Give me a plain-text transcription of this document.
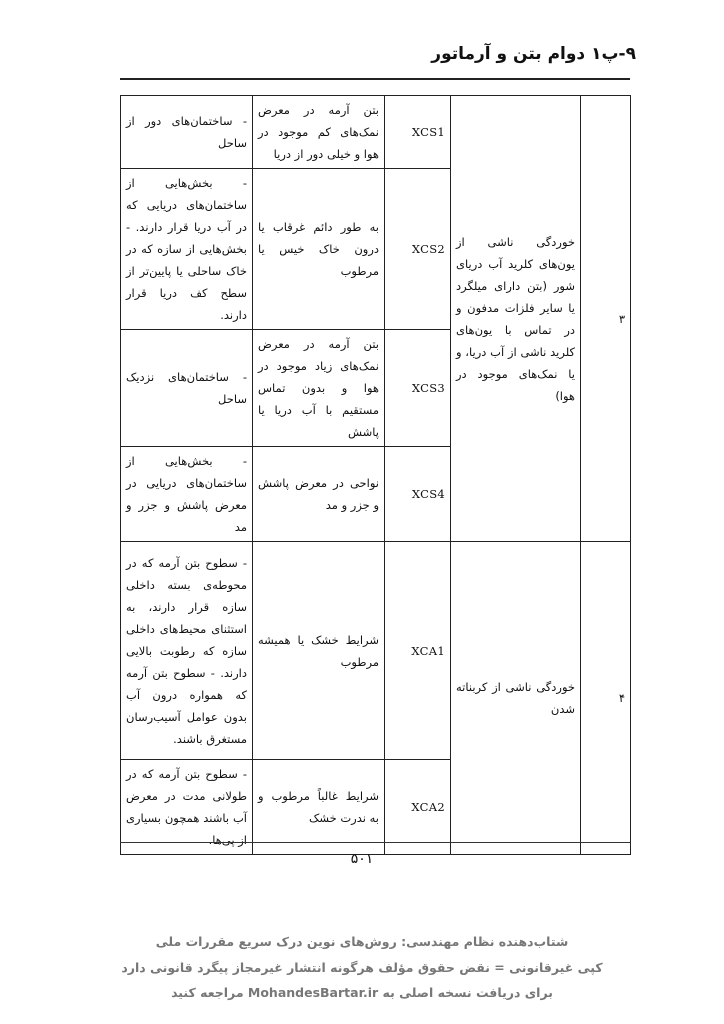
۹-پ۱ دوام بتن و آرماتور
۳	خوردگی ناشی از یون‌های کلرید آب دریای شور (بتن دارای میلگرد یا سایر فلزات مدفون و در تماس با یون‌های کلرید ناشی از آب دریا، و یا نمک‌های موجود در هوا)	XCS1	بتن آرمه در معرض نمک‌های کم موجود در هوا و خیلی دور از دریا	- ساختمان‌های دور از ساحل
		XCS2	به طور دائم غرقاب یا درون خاک خیس یا مرطوب	- بخش‌هایی از ساختمان‌های دریایی که در آب دریا قرار دارند. - بخش‌هایی از سازه که در خاک ساحلی یا پایین‌تر از سطح کف دریا قرار دارند.
		XCS3	بتن آرمه در معرض نمک‌های زیاد موجود در هوا و بدون تماس مستقیم با آب دریا یا پاشش	- ساختمان‌های نزدیک ساحل
		XCS4	نواحی در معرض پاشش و جزر و مد	- بخش‌هایی از ساختمان‌های دریایی در معرض پاشش و جزر و مد
۴	خوردگی ناشی از کربناته شدن	XCA1	شرایط خشک یا همیشه مرطوب	- سطوح بتن آرمه که در محوطه‌ی بسته داخلی سازه قرار دارند، به استثنای محیط‌های داخلی سازه که رطوبت بالایی دارند. - سطوح بتن آرمه که همواره درون آب بدون عوامل آسیب‌رسان مستغرق باشند.
		XCA2	شرایط غالباً مرطوب و به ندرت خشک	- سطوح بتن آرمه که در طولانی مدت در معرض آب باشند همچون بسیاری از پی‌ها.
۵۰۱
شتاب‌دهنده نظام مهندسی: روش‌های نوین درک سریع مقررات ملی
کپی غیرقانونی = نقض حقوق مؤلف هرگونه انتشار غیرمجاز پیگرد قانونی دارد
برای دریافت نسخه اصلی به MohandesBartar.ir مراجعه کنید
